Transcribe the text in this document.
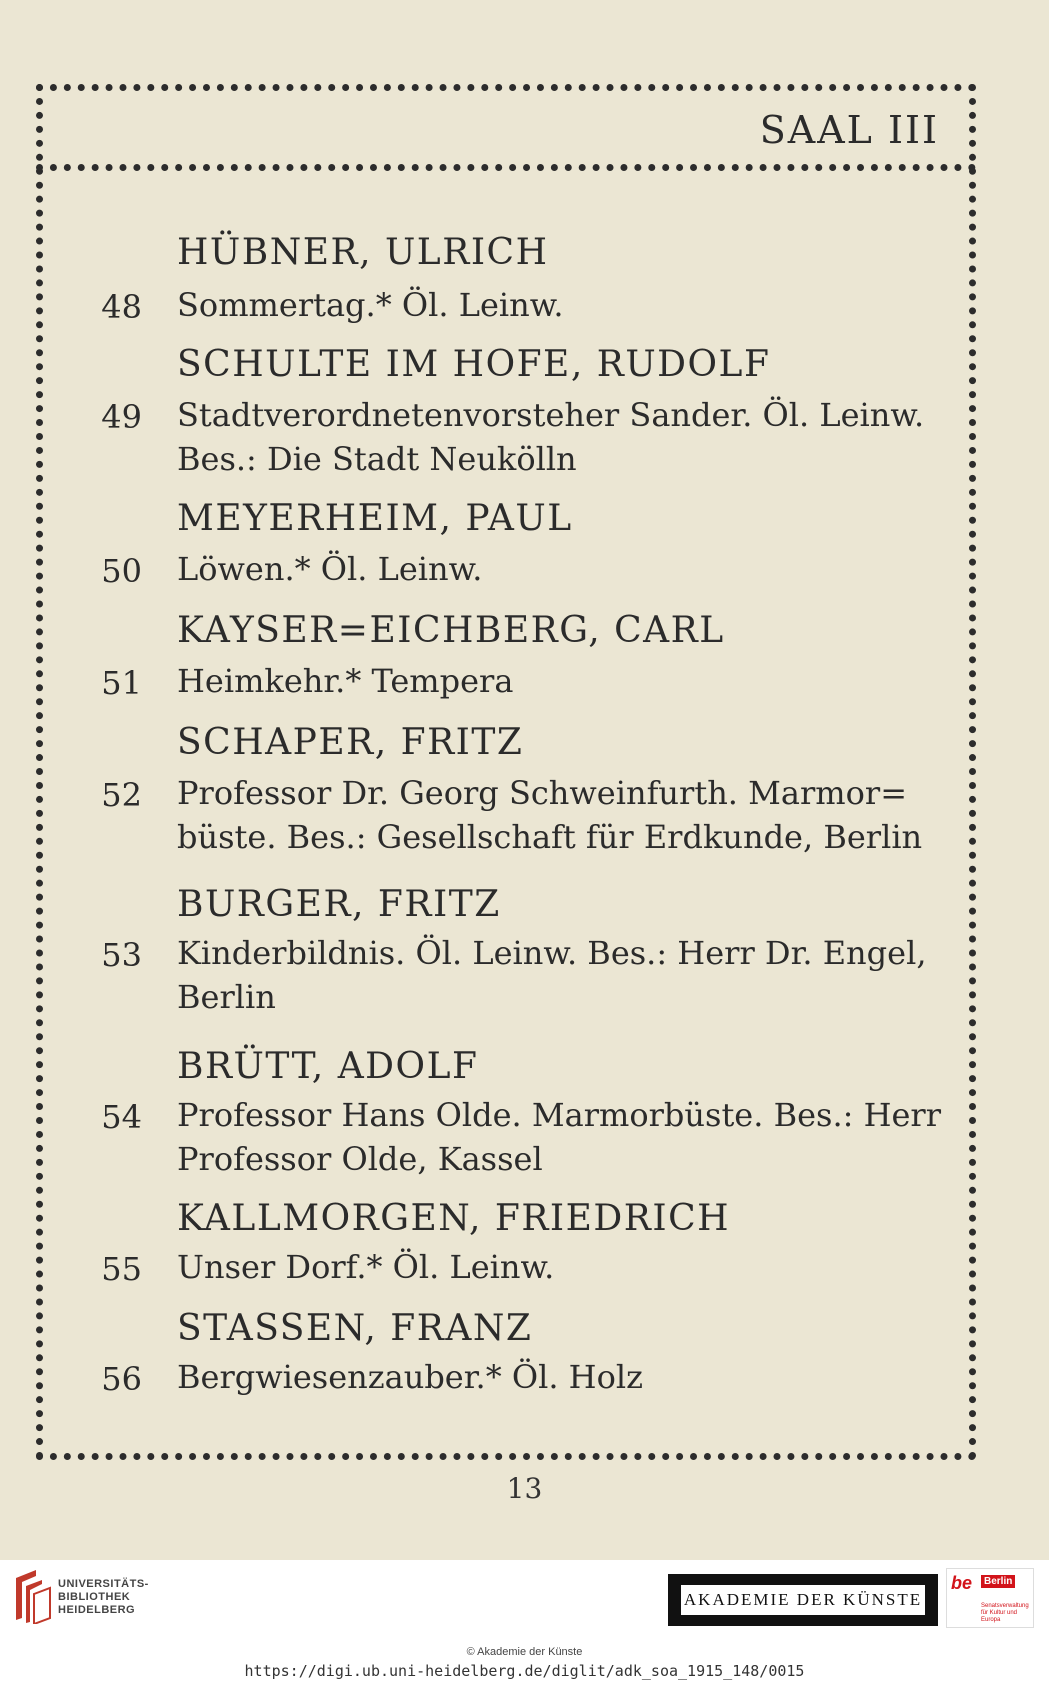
SAAL III
HÜBNER, ULRICH
48 Sommertag.* Öl. Leinw.
SCHULTE IM HOFE, RUDOLF
49 Stadtverordnetenvorsteher Sander. Öl. Leinw.
Bes.: Die Stadt Neukölln
MEYERHEIM, PAUL
50 Löwen.* Öl. Leinw.
KAYSER=EICHBERG, CARL
51 Heimkehr.* Tempera
SCHAPER, FRITZ
52 Professor Dr. Georg Schweinfurth. Marmor=
büste. Bes.: Gesellschaft für Erdkunde, Berlin
BURGER, FRITZ
53 Kinderbildnis. Öl. Leinw. Bes.: Herr Dr. Engel,
Berlin
BRÜTT, ADOLF
54 Professor Hans Olde. Marmorbüste. Bes.: Herr
Professor Olde, Kassel
KALLMORGEN, FRIEDRICH
55 Unser Dorf.* Öl. Leinw.
STASSEN, FRANZ
56 Bergwiesenzauber.* Öl. Holz
13
UNIVERSITÄTS-
BIBLIOTHEK
HEIDELBERG
AKADEMIE DER KÜNSTE
be	Berlin
Senatsverwaltung für Kultur und Europa
© Akademie der Künste
https://digi.ub.uni-heidelberg.de/diglit/adk_soa_1915_148/0015
